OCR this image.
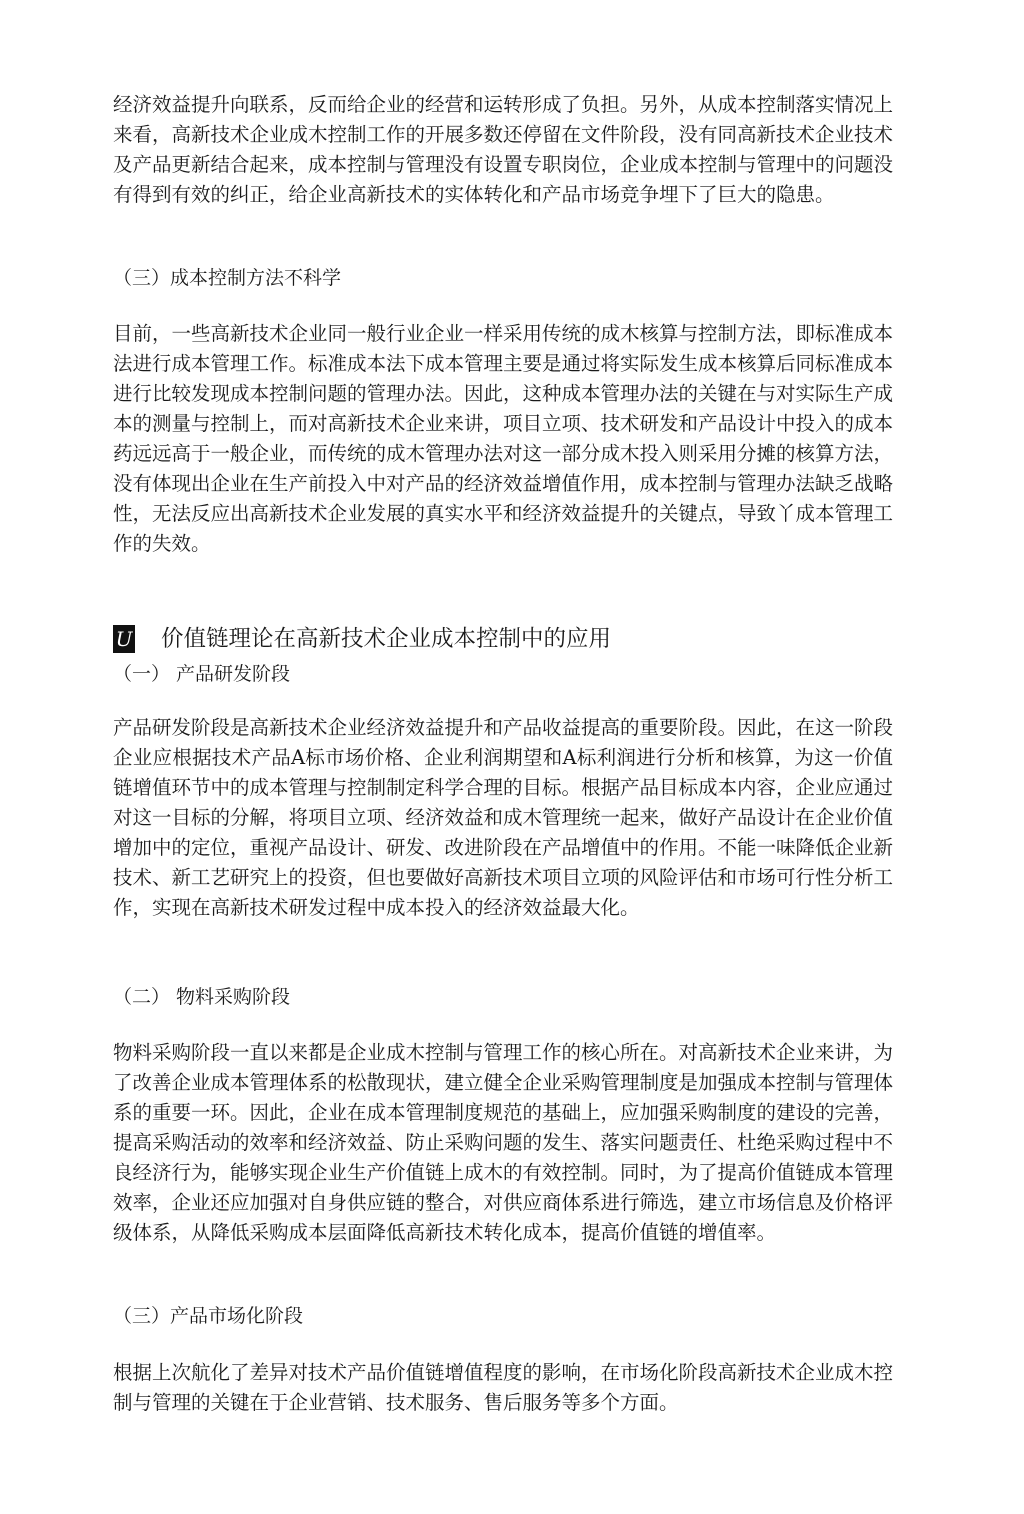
经济效益提升向联系，反而给企业的经营和运转形成了负担。另外，从成本控制落实情况上来看，高新技术企业成木控制工作的开展多数还停留在文件阶段，没有同高新技术企业技术及产品更新结合起来，成本控制与管理没有设置专职岗位，企业成本控制与管理中的问题没有得到有效的纠正，给企业高新技术的实体转化和产品市场竞争埋下了巨大的隐患。

（三）成本控制方法不科学

目前，一些高新技术企业同一般行业企业一样采用传统的成木核算与控制方法，即标准成本法进行成本管理工作。标准成本法下成本管理主要是通过将实际发生成本核算后同标准成本进行比较发现成本控制问题的管理办法。因此，这种成本管理办法的关键在与对实际生产成本的测量与控制上，而对高新技术企业来讲，项目立项、技术研发和产品设计中投入的成本药远远高于一般企业，而传统的成木管理办法对这一部分成木投入则采用分摊的核算方法，没有体现出企业在生产前投入中对产品的经济效益增值作用，成本控制与管理办法缺乏战略性，无法反应出高新技术企业发展的真实水平和经济效益提升的关键点，导致丫成本管理工作的失效。

U 价值链理论在高新技术企业成本控制中的应用

（一） 产品研发阶段

产品研发阶段是高新技术企业经济效益提升和产品收益提高的重要阶段。因此，在这一阶段企业应根据技术产品A标市场价格、企业利润期望和A标利润进行分析和核算，为这一价值链增值环节中的成本管理与控制制定科学合理的目标。根据产品目标成本内容，企业应通过对这一目标的分解，将项目立项、经济效益和成木管理统一起来，做好产品设计在企业价值增加中的定位，重视产品设计、研发、改进阶段在产品增值中的作用。不能一味降低企业新技术、新工艺研究上的投资，但也要做好高新技术项目立项的风险评估和市场可行性分析工作，实现在高新技术研发过程中成本投入的经济效益最大化。

（二） 物料采购阶段

物料采购阶段一直以来都是企业成木控制与管理工作的核心所在。对高新技术企业来讲，为了改善企业成本管理体系的松散现状，建立健全企业采购管理制度是加强成本控制与管理体系的重要一环。因此，企业在成本管理制度规范的基础上，应加强采购制度的建设的完善，提高采购活动的效率和经济效益、防止采购问题的发生、落实问题责任、杜绝采购过程中不良经济行为，能够实现企业生产价值链上成木的有效控制。同时，为了提高价值链成本管理效率，企业还应加强对自身供应链的整合，对供应商体系进行筛选，建立市场信息及价格评级体系，从降低采购成本层面降低高新技术转化成本，提高价值链的增值率。

（三）产品市场化阶段

根据上次航化了差异对技术产品价值链增值程度的影响，在市场化阶段高新技术企业成木控制与管理的关键在于企业营销、技术服务、售后服务等多个方面。
